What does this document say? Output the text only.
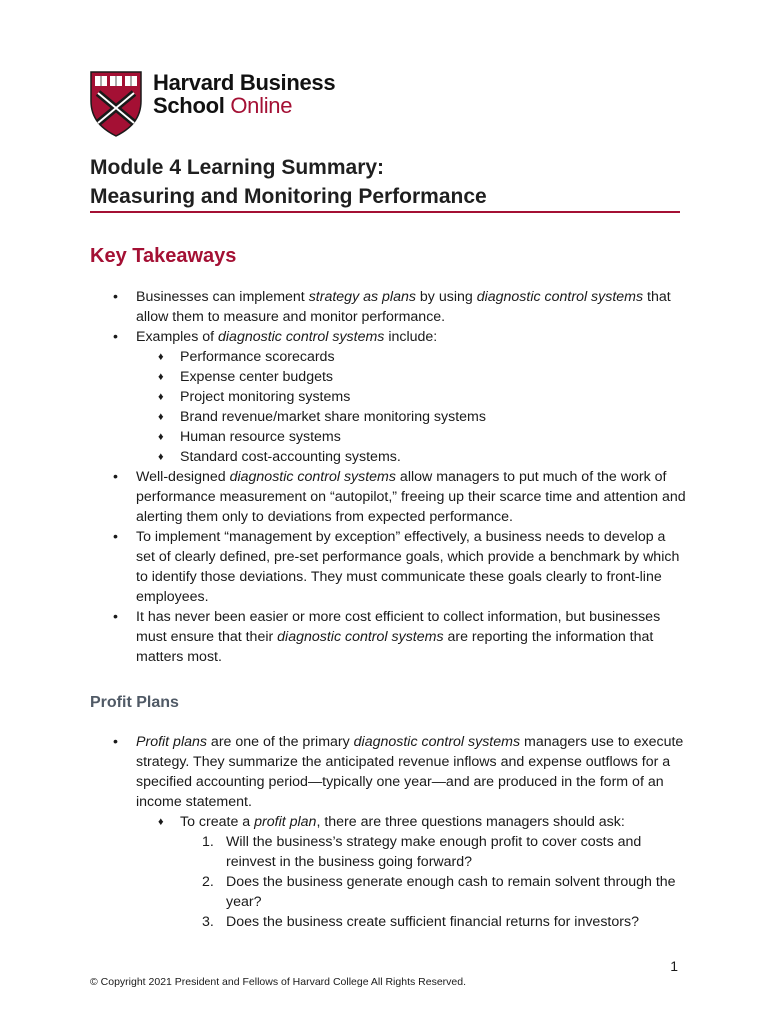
Harvard Business
School Online
Module 4 Learning Summary:
Measuring and Monitoring Performance
Key Takeaways
• Businesses can implement strategy as plans by using diagnostic control systems that allow them to measure and monitor performance.
• Examples of diagnostic control systems include:
♦ Performance scorecards
♦ Expense center budgets
♦ Project monitoring systems
♦ Brand revenue/market share monitoring systems
♦ Human resource systems
♦ Standard cost-accounting systems.
• Well-designed diagnostic control systems allow managers to put much of the work of performance measurement on “autopilot,” freeing up their scarce time and attention and alerting them only to deviations from expected performance.
• To implement “management by exception” effectively, a business needs to develop a set of clearly defined, pre-set performance goals, which provide a benchmark by which to identify those deviations. They must communicate these goals clearly to front-line employees.
• It has never been easier or more cost efficient to collect information, but businesses must ensure that their diagnostic control systems are reporting the information that matters most.
Profit Plans
• Profit plans are one of the primary diagnostic control systems managers use to execute strategy. They summarize the anticipated revenue inflows and expense outflows for a specified accounting period—typically one year—and are produced in the form of an income statement.
♦ To create a profit plan, there are three questions managers should ask:
1. Will the business’s strategy make enough profit to cover costs and reinvest in the business going forward?
2. Does the business generate enough cash to remain solvent through the year?
3. Does the business create sufficient financial returns for investors?
1
© Copyright 2021 President and Fellows of Harvard College All Rights Reserved.
